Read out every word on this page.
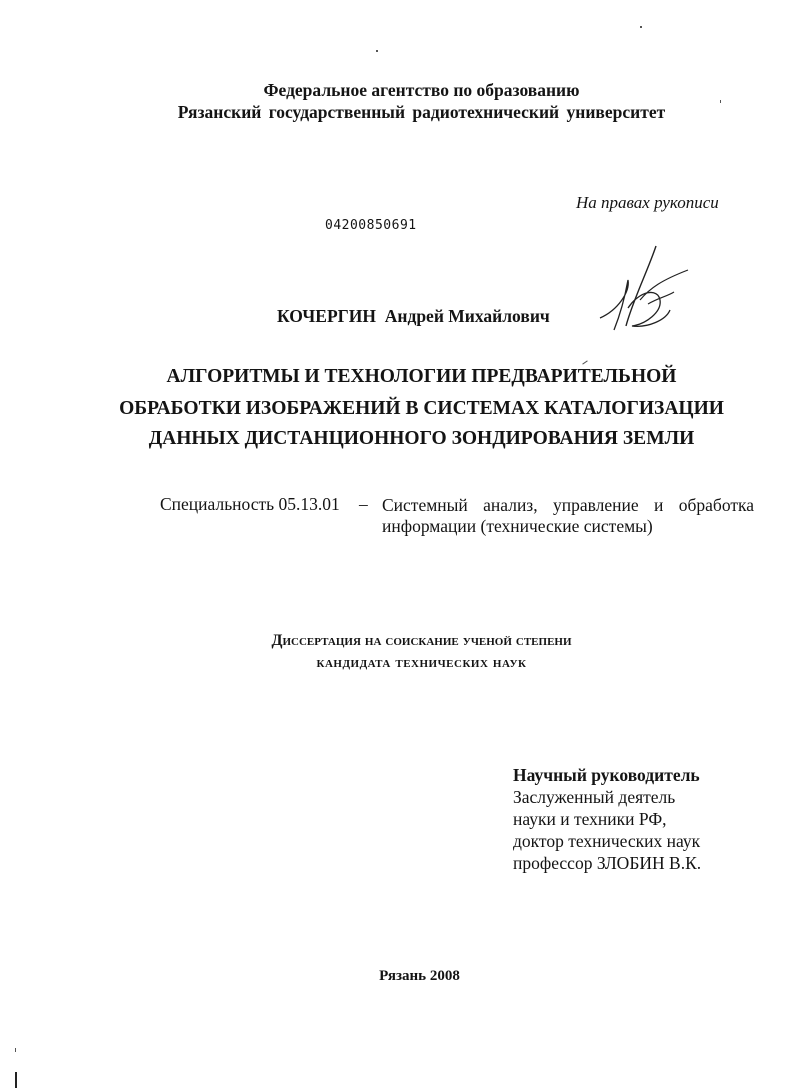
Федеральное агентство по образованию
Рязанский государственный радиотехнический университет
На правах рукописи
04200850691
КОЧЕРГИН Андрей Михайлович
АЛГОРИТМЫ И ТЕХНОЛОГИИ ПРЕДВАРИТЕЛЬНОЙ
ОБРАБОТКИ ИЗОБРАЖЕНИЙ В СИСТЕМАХ КАТАЛОГИЗАЦИИ
ДАННЫХ ДИСТАНЦИОННОГО ЗОНДИРОВАНИЯ ЗЕМЛИ
Специальность 05.13.01 – Системный анализ, управление и обработка
информации (технические системы)
Диссертация на соискание ученой степени
кандидата технических наук
Научный руководитель
Заслуженный деятель
науки и техники РФ,
доктор технических наук
профессор ЗЛОБИН В.К.
Рязань 2008
